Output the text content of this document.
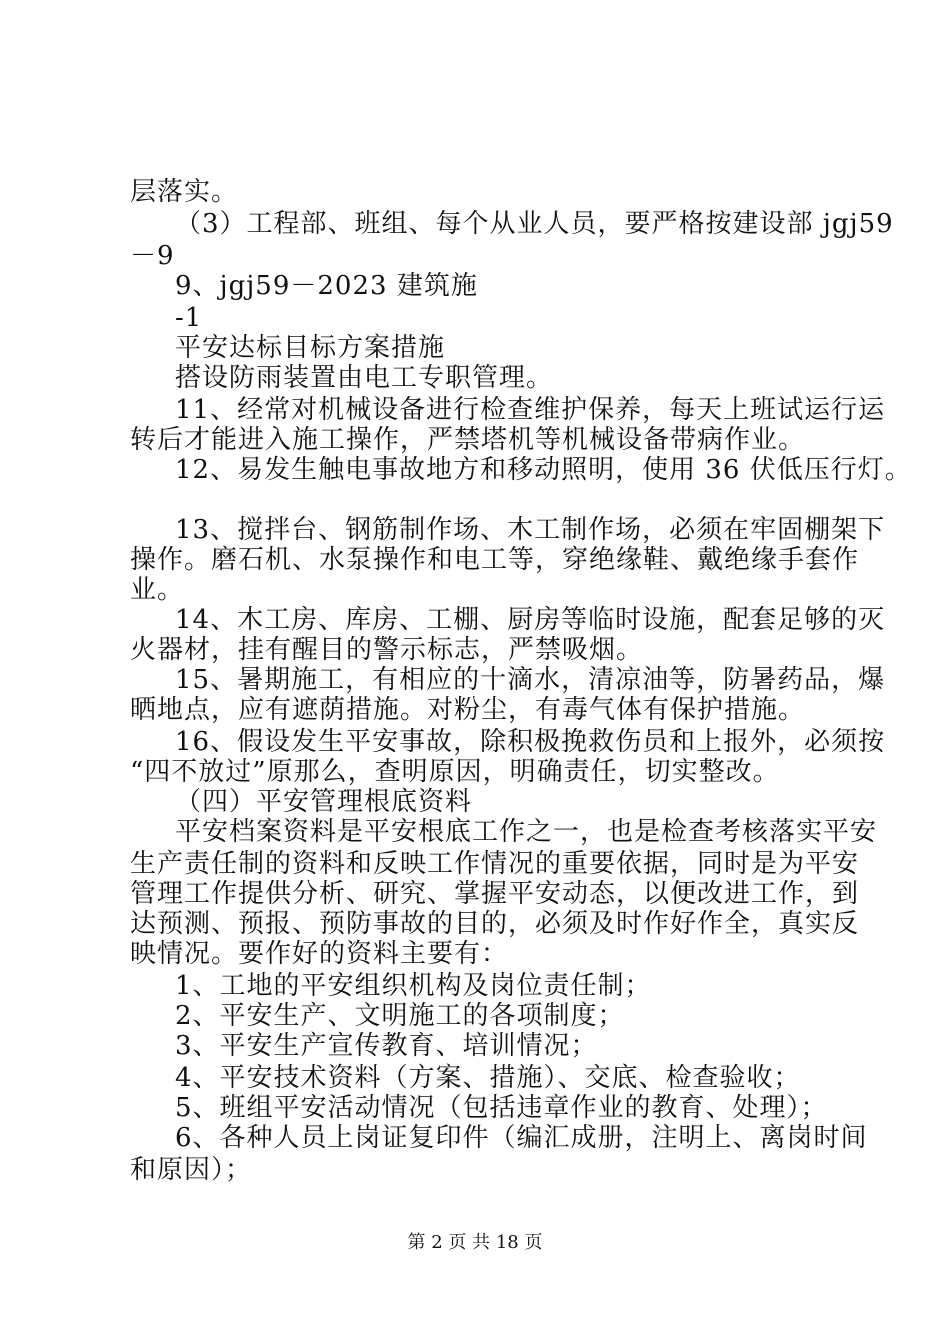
层落实。
（3）工程部、班组、每个从业人员，要严格按建设部 jgj59
－9
9、jgj59－2023 建筑施
-1
平安达标目标方案措施
搭设防雨装置由电工专职管理。
11、经常对机械设备进行检查维护保养，每天上班试运行运
转后才能进入施工操作，严禁塔机等机械设备带病作业。
12、易发生触电事故地方和移动照明，使用 36 伏低压行灯。
13、搅拌台、钢筋制作场、木工制作场，必须在牢固棚架下
操作。磨石机、水泵操作和电工等，穿绝缘鞋、戴绝缘手套作
业。
14、木工房、库房、工棚、厨房等临时设施，配套足够的灭
火器材，挂有醒目的警示标志，严禁吸烟。
15、暑期施工，有相应的十滴水，清凉油等，防暑药品，爆
晒地点，应有遮荫措施。对粉尘，有毒气体有保护措施。
16、假设发生平安事故，除积极挽救伤员和上报外，必须按
“四不放过”原那么，查明原因，明确责任，切实整改。
（四）平安管理根底资料
平安档案资料是平安根底工作之一，也是检查考核落实平安
生产责任制的资料和反映工作情况的重要依据，同时是为平安
管理工作提供分析、研究、掌握平安动态，以便改进工作，到
达预测、预报、预防事故的目的，必须及时作好作全，真实反
映情况。要作好的资料主要有：
1、工地的平安组织机构及岗位责任制；
2、平安生产、文明施工的各项制度；
3、平安生产宣传教育、培训情况；
4、平安技术资料（方案、措施）、交底、检查验收；
5、班组平安活动情况（包括违章作业的教育、处理）；
6、各种人员上岗证复印件（编汇成册，注明上、离岗时间
和原因）；
第 2 页 共 18 页
